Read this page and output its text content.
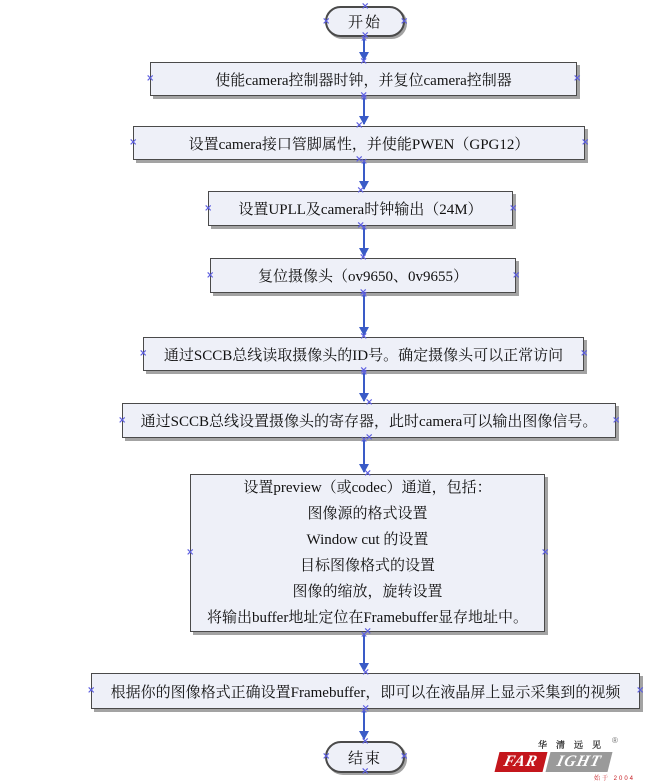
开始
×
×
×
×
×
使能camera控制器时钟，并复位camera控制器
×
×
×
×
×
设置camera接口管脚属性，并使能PWEN（GPG12）
×
×
×
×
×
设置UPLL及camera时钟输出（24M）
×
×
×
×
×
复位摄像头（ov9650、0v9655）
×
×
×
×
×
通过SCCB总线读取摄像头的ID号。确定摄像头可以正常访问
×
×
×
×
×
通过SCCB总线设置摄像头的寄存器，此时camera可以输出图像信号。
×
×
×
×
×
设置preview（或codec）通道，包括：
图像源的格式设置
Window cut 的设置
目标图像格式的设置
图像的缩放，旋转设置
将输出buffer地址定位在Framebuffer显存地址中。
×
×
×
×
×
根据你的图像格式正确设置Framebuffer，即可以在液晶屏上显示采集到的视频
×
×
×
×
×
结束
×
×
×
×
华清远见 ®
FAR IGHT
始于 2004
